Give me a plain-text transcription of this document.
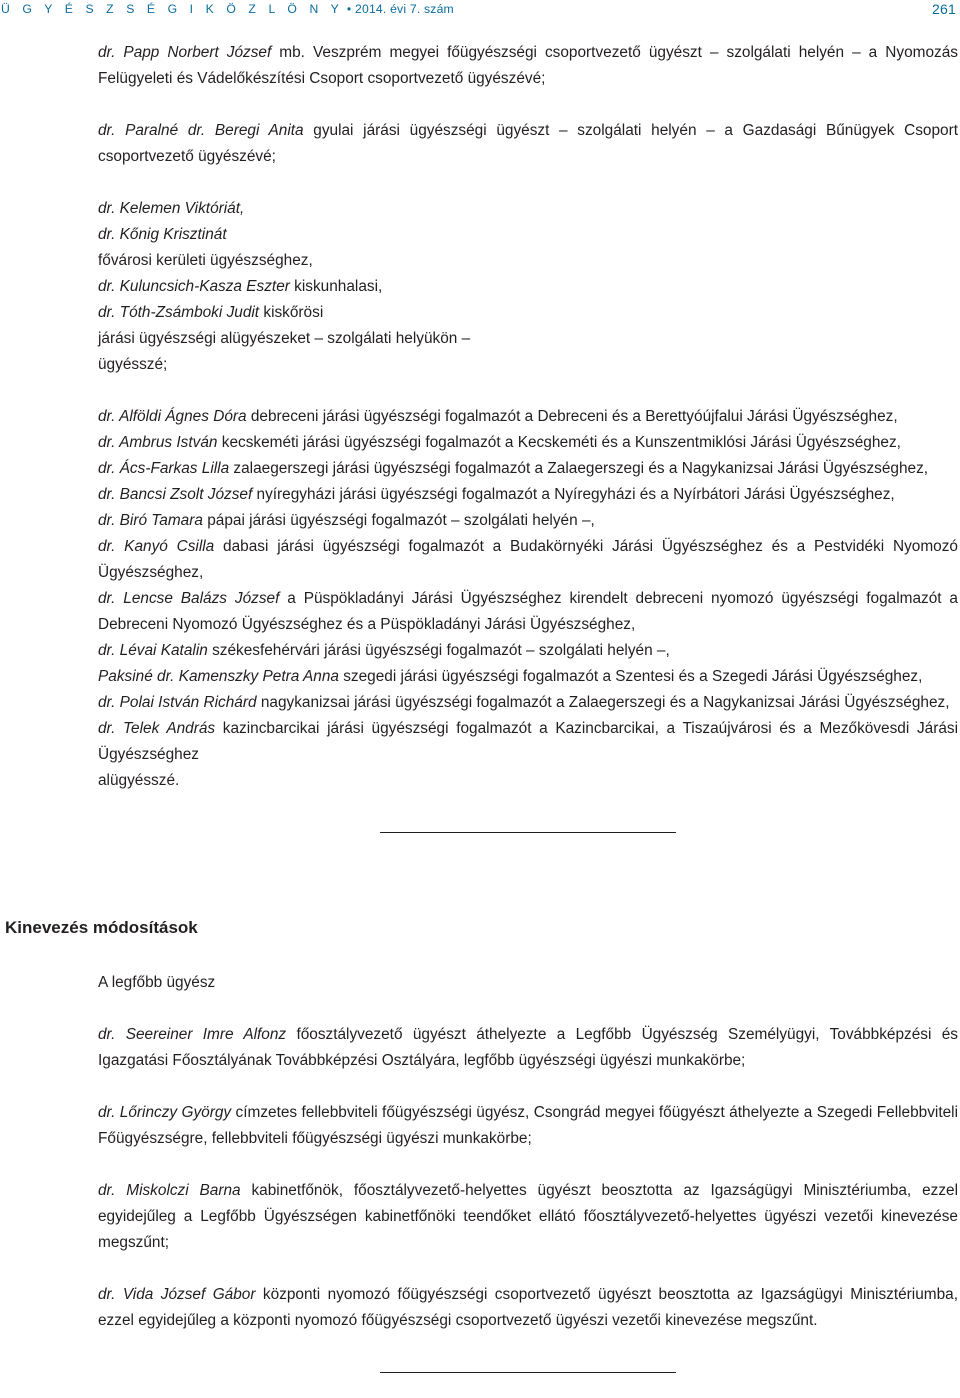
Ü G Y É S Z S É G I K Ö Z L Ö N Y • 2014. évi 7. szám	261

dr. Papp Norbert József mb. Veszprém megyei főügyészségi csoportvezető ügyészt – szolgálati helyén – a Nyomozás Felügyeleti és Vádelőkészítési Csoport csoportvezető ügyészévé;

dr. Paralné dr. Beregi Anita gyulai járási ügyészségi ügyészt – szolgálati helyén – a Gazdasági Bűnügyek Csoport csoportvezető ügyészévé;

dr. Kelemen Viktóriát,

dr. Kőnig Krisztinát

fővárosi kerületi ügyészséghez,

dr. Kuluncsich-Kasza Eszter kiskunhalasi,

dr. Tóth-Zsámboki Judit kiskőrösi

járási ügyészségi alügyészeket – szolgálati helyükön –

ügyésszé;

dr. Alföldi Ágnes Dóra debreceni járási ügyészségi fogalmazót a Debreceni és a Berettyóújfalui Járási Ügyészséghez,

dr. Ambrus István kecskeméti járási ügyészségi fogalmazót a Kecskeméti és a Kunszentmiklósi Járási Ügyészséghez,

dr. Ács-Farkas Lilla zalaegerszegi járási ügyészségi fogalmazót a Zalaegerszegi és a Nagykanizsai Járási Ügyészséghez,

dr. Bancsi Zsolt József nyíregyházi járási ügyészségi fogalmazót a Nyíregyházi és a Nyírbátori Járási Ügyészséghez,

dr. Biró Tamara pápai járási ügyészségi fogalmazót – szolgálati helyén –,

dr. Kanyó Csilla dabasi járási ügyészségi fogalmazót a Budakörnyéki Járási Ügyészséghez és a Pestvidéki Nyomozó Ügyészséghez,

dr. Lencse Balázs József a Püspökladányi Járási Ügyészséghez kirendelt debreceni nyomozó ügyészségi fogalmazót a Debreceni Nyomozó Ügyészséghez és a Püspökladányi Járási Ügyészséghez,

dr. Lévai Katalin székesfehérvári járási ügyészségi fogalmazót – szolgálati helyén –,

Paksiné dr. Kamenszky Petra Anna szegedi járási ügyészségi fogalmazót a Szentesi és a Szegedi Járási Ügyészséghez,

dr. Polai István Richárd nagykanizsai járási ügyészségi fogalmazót a Zalaegerszegi és a Nagykanizsai Járási Ügyészséghez,

dr. Telek András kazincbarcikai járási ügyészségi fogalmazót a Kazincbarcikai, a Tiszaújvárosi és a Mezőkövesdi Járási Ügyészséghez

alügyésszé.

Kinevezés módosítások

A legfőbb ügyész

dr. Seereiner Imre Alfonz főosztályvezető ügyészt áthelyezte a Legfőbb Ügyészség Személyügyi, Továbbképzési és Igazgatási Főosztályának Továbbképzési Osztályára, legfőbb ügyészségi ügyészi munkakörbe;

dr. Lőrinczy György címzetes fellebbviteli főügyészségi ügyész, Csongrád megyei főügyészt áthelyezte a Szegedi Fellebbviteli Főügyészségre, fellebbviteli főügyészségi ügyészi munkakörbe;

dr. Miskolczi Barna kabinetfőnök, főosztályvezető-helyettes ügyészt beosztotta az Igazságügyi Minisztériumba, ezzel egyidejűleg a Legfőbb Ügyészségen kabinetfőnöki teendőket ellátó főosztályvezető-helyettes ügyészi vezetői kinevezése megszűnt;

dr. Vida József Gábor központi nyomozó főügyészségi csoportvezető ügyészt beosztotta az Igazságügyi Minisztériumba, ezzel egyidejűleg a központi nyomozó főügyészségi csoportvezető ügyészi vezetői kinevezése megszűnt.
